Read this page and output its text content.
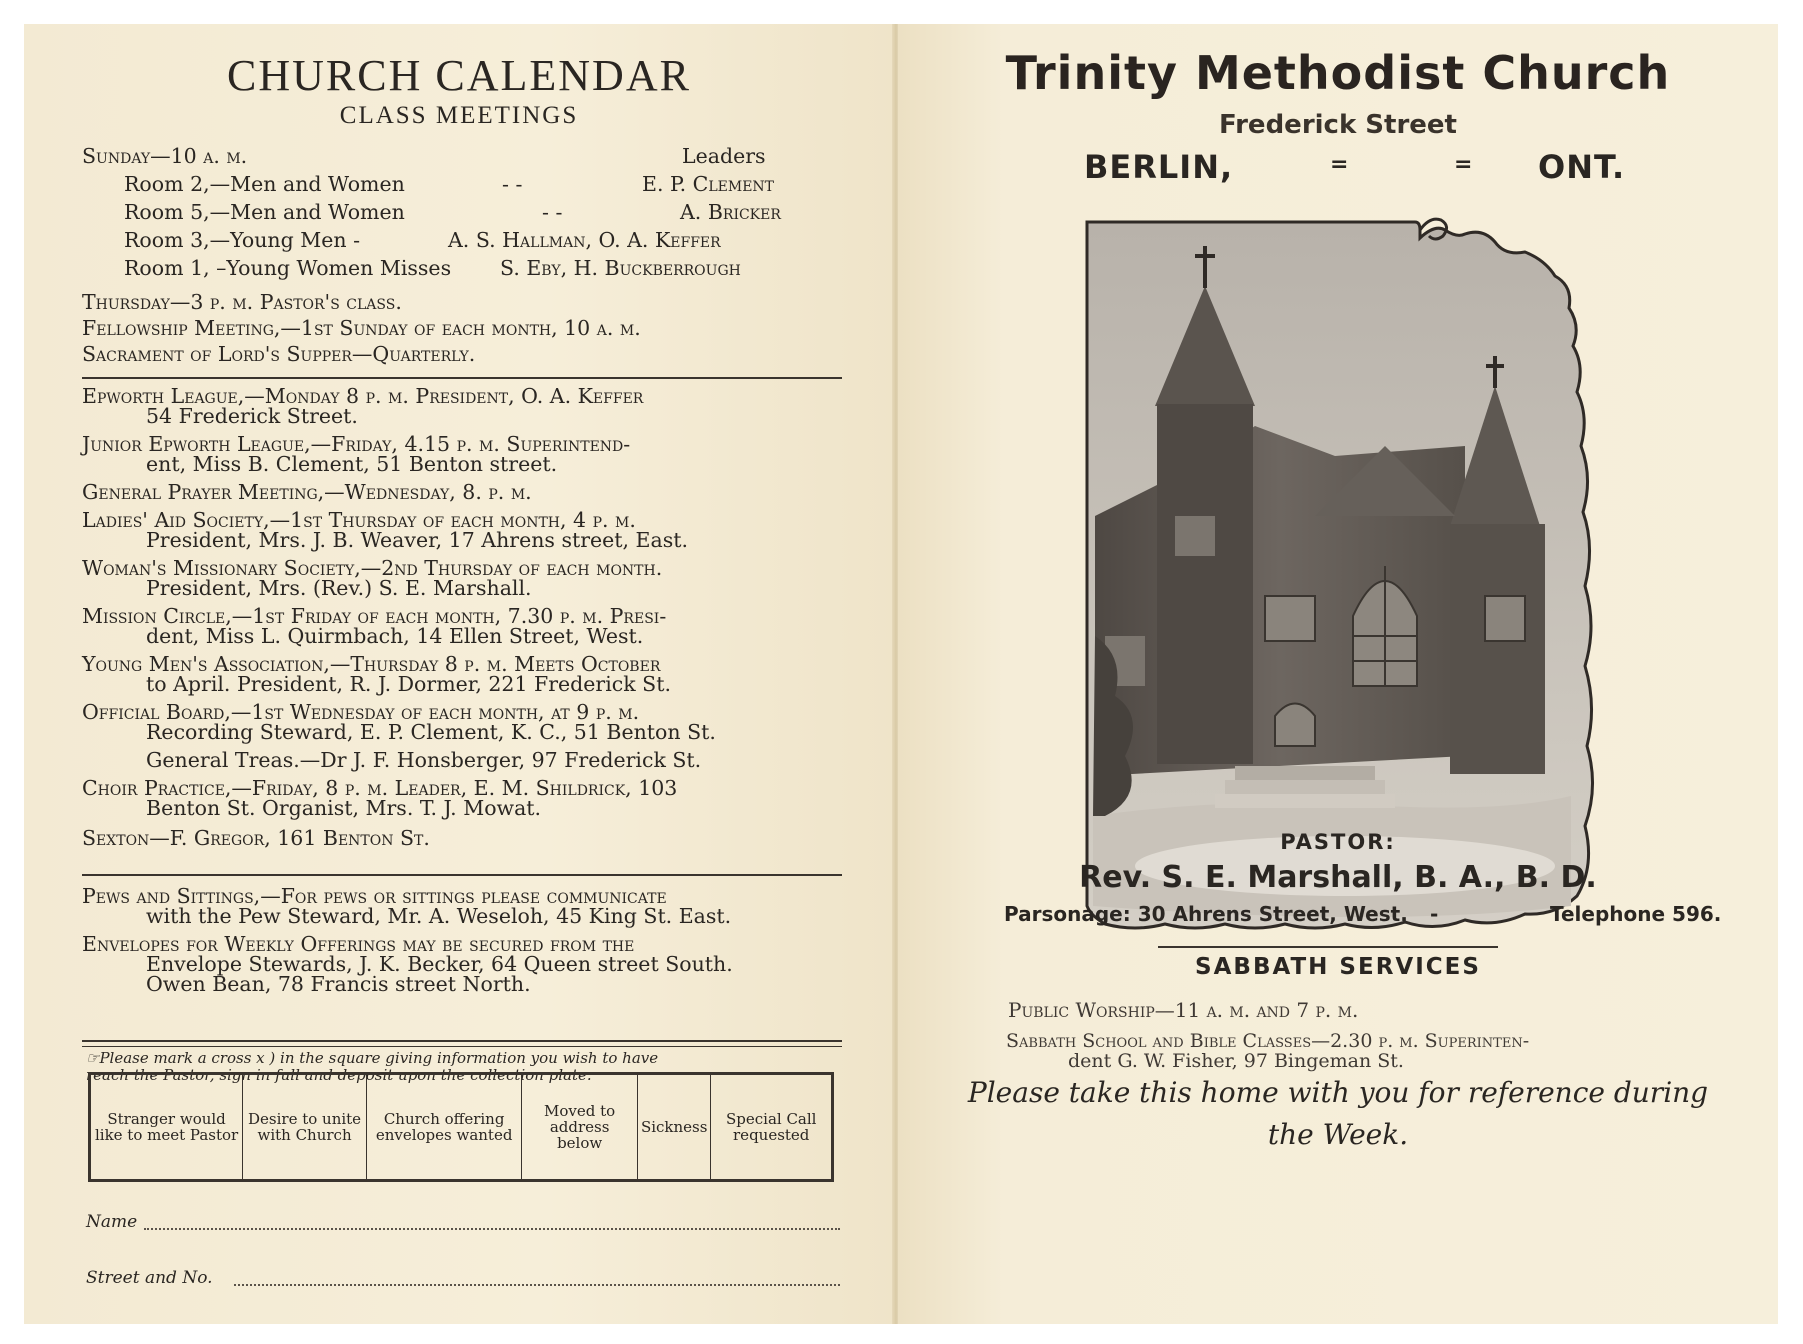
CHURCH CALENDAR
CLASS MEETINGS
Sunday—10 a. m.	Leaders
Room 2,—Men and Women	- -	E. P. Clement
Room 5,—Men and Women	- -	A. Bricker
Room 3,—Young Men -	A. S. Hallman, O. A. Keffer
Room 1, –Young Women Misses S. Eby, H. Buckberrough
Thursday—3 p. m. Pastor's class.
Fellowship Meeting,—1st Sunday of each month, 10 a. m.
Sacrament of Lord's Supper—Quarterly.
Epworth League,—Monday 8 p. m. President, O. A. Keffer
54 Frederick Street.
Junior Epworth League,—Friday, 4.15 p. m. Superintend-
ent, Miss B. Clement, 51 Benton street.
General Prayer Meeting,—Wednesday, 8. p. m.
Ladies' Aid Society,—1st Thursday of each month, 4 p. m.
President, Mrs. J. B. Weaver, 17 Ahrens street, East.
Woman's Missionary Society,—2nd Thursday of each month.
President, Mrs. (Rev.) S. E. Marshall.
Mission Circle,—1st Friday of each month, 7.30 p. m. Presi-
dent, Miss L. Quirmbach, 14 Ellen Street, West.
Young Men's Association,—Thursday 8 p. m. Meets October
to April. President, R. J. Dormer, 221 Frederick St.
Official Board,—1st Wednesday of each month, at 9 p. m.
Recording Steward, E. P. Clement, K. C., 51 Benton St.
General Treas.—Dr J. F. Honsberger, 97 Frederick St.
Choir Practice,—Friday, 8 p. m. Leader, E. M. Shildrick, 103
Benton St. Organist, Mrs. T. J. Mowat.
Sexton—F. Gregor, 161 Benton St.
Pews and Sittings,—For pews or sittings please communicate
with the Pew Steward, Mr. A. Weseloh, 45 King St. East.
Envelopes for Weekly Offerings may be secured from the
Envelope Stewards, J. K. Becker, 64 Queen street South.
Owen Bean, 78 Francis street North.
☞Please mark a cross x ) in the square giving information you wish to have
reach the Pastor, sign in full and deposit upon the collection plate.
Stranger would like to meet Pastor	Desire to unite with Church	Church offering envelopes wanted	Moved to address below	Sickness	Special Call requested
Name
Street and No.
Trinity Methodist Church
Frederick Street
BERLIN,	=	= ONT.
PASTOR:
Rev. S. E. Marshall, B. A., B. D.
Parsonage: 30 Ahrens Street, West. -	Telephone 596.
SABBATH SERVICES
Public Worship—11 a. m. and 7 p. m.
Sabbath School and Bible Classes—2.30 p. m. Superinten-
dent G. W. Fisher, 97 Bingeman St.
Please take this home with you for reference during
the Week.
